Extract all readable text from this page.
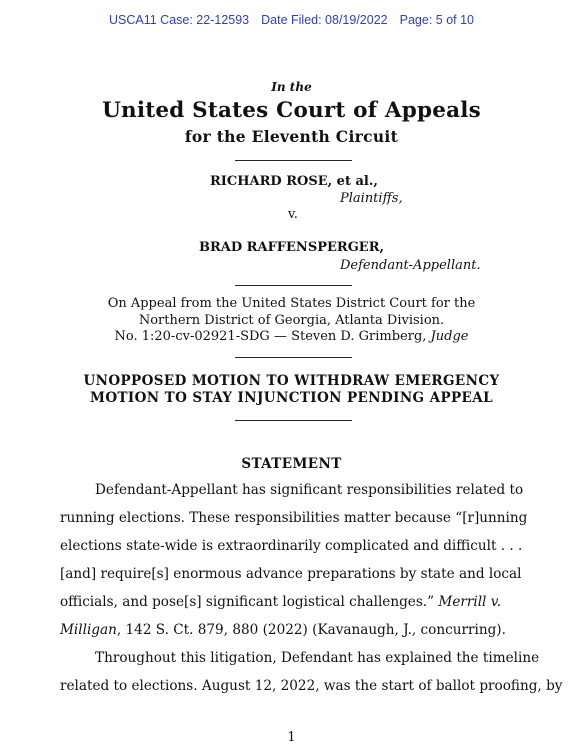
USCA11 Case: 22-12593 Date Filed: 08/19/2022 Page: 5 of 10
In the
United States Court of Appeals
for the Eleventh Circuit
RICHARD ROSE, et al.,
Plaintiffs,
v.
BRAD RAFFENSPERGER,
Defendant-Appellant.
On Appeal from the United States District Court for the
Northern District of Georgia, Atlanta Division.
No. 1:20-cv-02921-SDG — Steven D. Grimberg, Judge
UNOPPOSED MOTION TO WITHDRAW EMERGENCY
MOTION TO STAY INJUNCTION PENDING APPEAL
STATEMENT
Defendant-Appellant has significant responsibilities related to
running elections. These responsibilities matter because “[r]unning
elections state-wide is extraordinarily complicated and difficult . . .
[and] require[s] enormous advance preparations by state and local
officials, and pose[s] significant logistical challenges.” Merrill v.
Milligan, 142 S. Ct. 879, 880 (2022) (Kavanaugh, J., concurring).
Throughout this litigation, Defendant has explained the timeline
related to elections. August 12, 2022, was the start of ballot proofing, by
1
